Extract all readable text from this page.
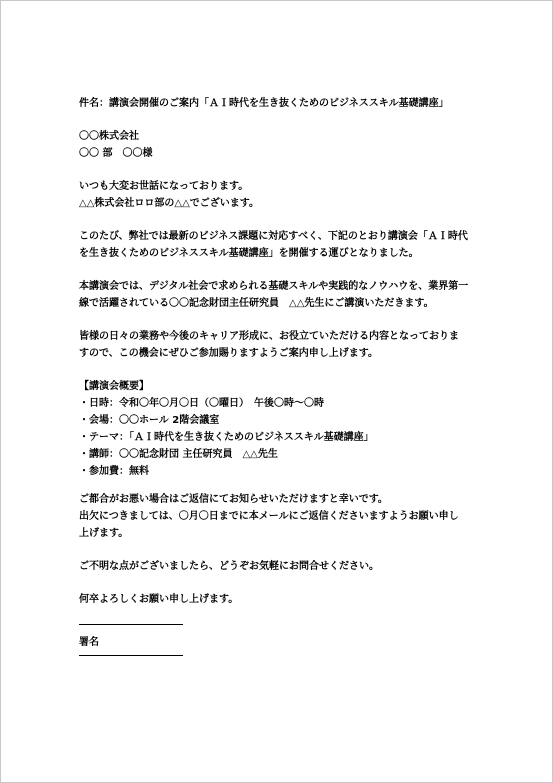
件名：講演会開催のご案内「ＡＩ時代を生き抜くためのビジネススキル基礎講座」

〇〇株式会社

〇〇 部　〇〇様

いつも大変お世話になっております。

△△株式会社ロロ部の△△でございます。

このたび、弊社では最新のビジネス課題に対応すべく、下記のとおり講演会「ＡＩ時代

を生き抜くためのビジネススキル基礎講座」を開催する運びとなりました。

本講演会では、デジタル社会で求められる基礎スキルや実践的なノウハウを、業界第一

線で活躍されている〇〇記念財団主任研究員　△△先生にご講演いただきます。

皆様の日々の業務や今後のキャリア形成に、お役立ていただける内容となっておりま

すので、この機会にぜひご参加賜りますようご案内申し上げます。

【講演会概要】

・日時：令和〇年〇月〇日（〇曜日）　午後〇時～〇時

・会場：〇〇ホール 2階会議室

・テーマ：「ＡＩ時代を生き抜くためのビジネススキル基礎講座」

・講師：〇〇記念財団 主任研究員　△△先生

・参加費：無料

ご都合がお悪い場合はご返信にてお知らせいただけますと幸いです。

出欠につきましては、〇月〇日までに本メールにご返信くださいますようお願い申し

上げます。

ご不明な点がございましたら、どうぞお気軽にお問合せください。

何卒よろしくお願い申し上げます。

署名
